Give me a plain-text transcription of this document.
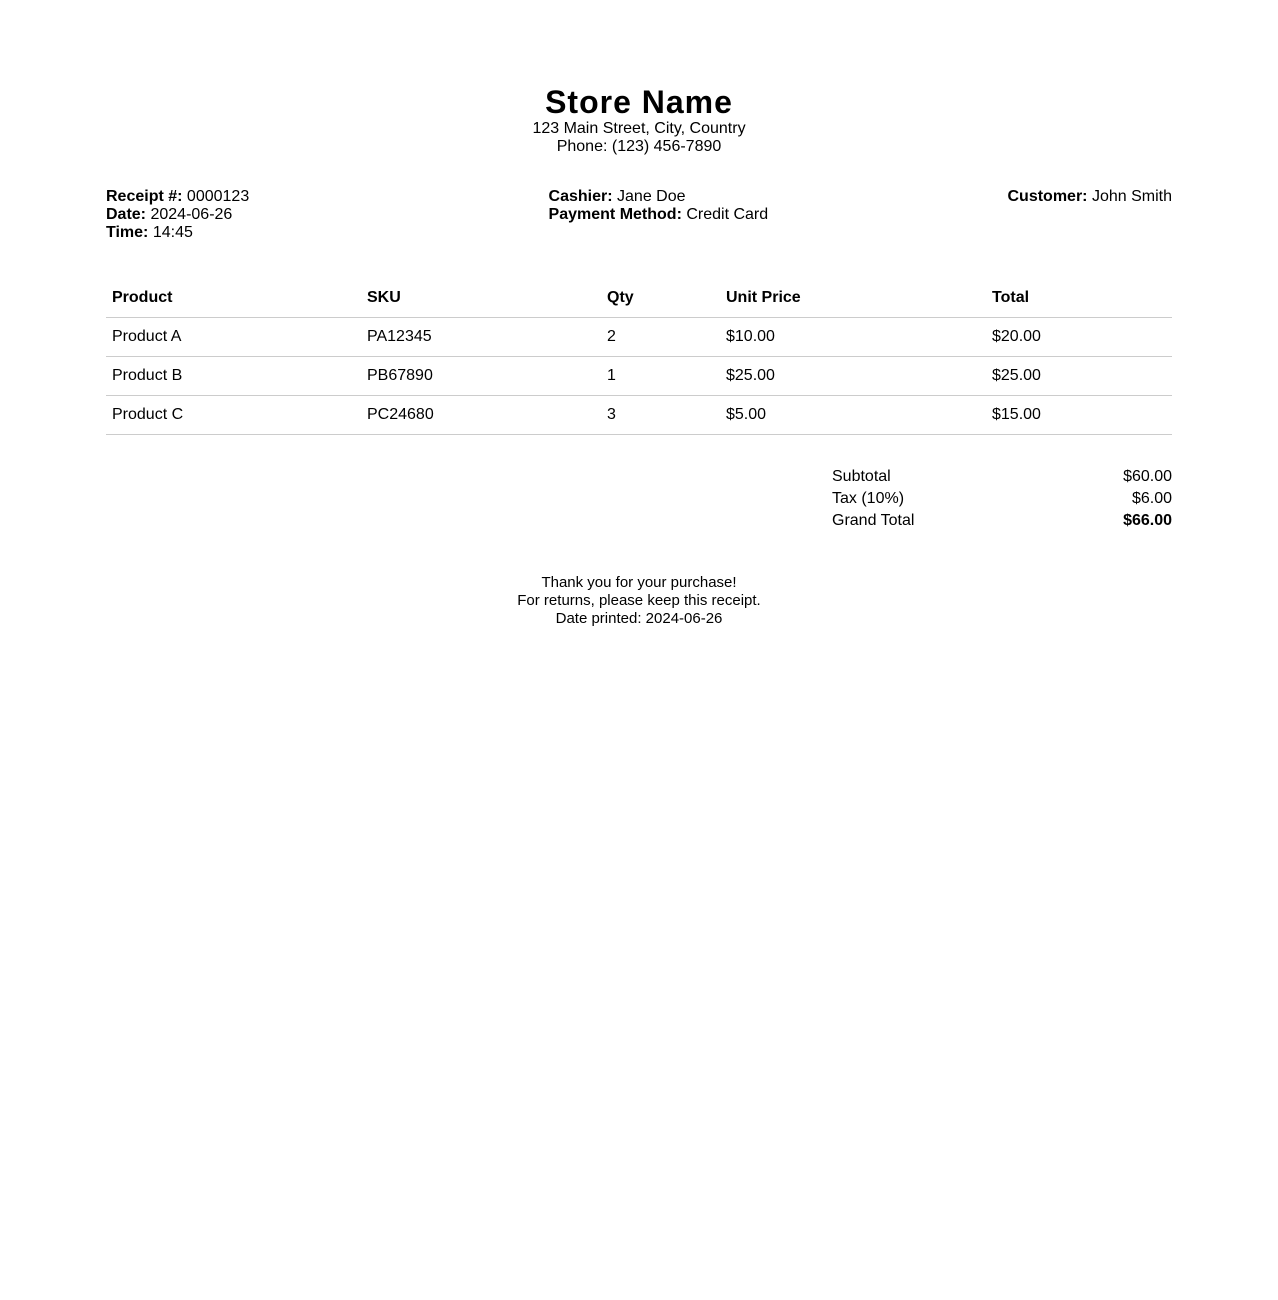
Store Name
123 Main Street, City, Country
Phone: (123) 456-7890
Receipt #: 0000123
Date: 2024-06-26
Time: 14:45
Cashier: Jane Doe
Payment Method: Credit Card
Customer: John Smith
Product	SKU	Qty	Unit Price	Total
Product A	PA12345	2	$10.00	$20.00
Product B	PB67890	1	$25.00	$25.00
Product C	PC24680	3	$5.00	$15.00
Subtotal	$60.00
Tax (10%)	$6.00
Grand Total	$66.00
Thank you for your purchase!
For returns, please keep this receipt.
Date printed: 2024-06-26
